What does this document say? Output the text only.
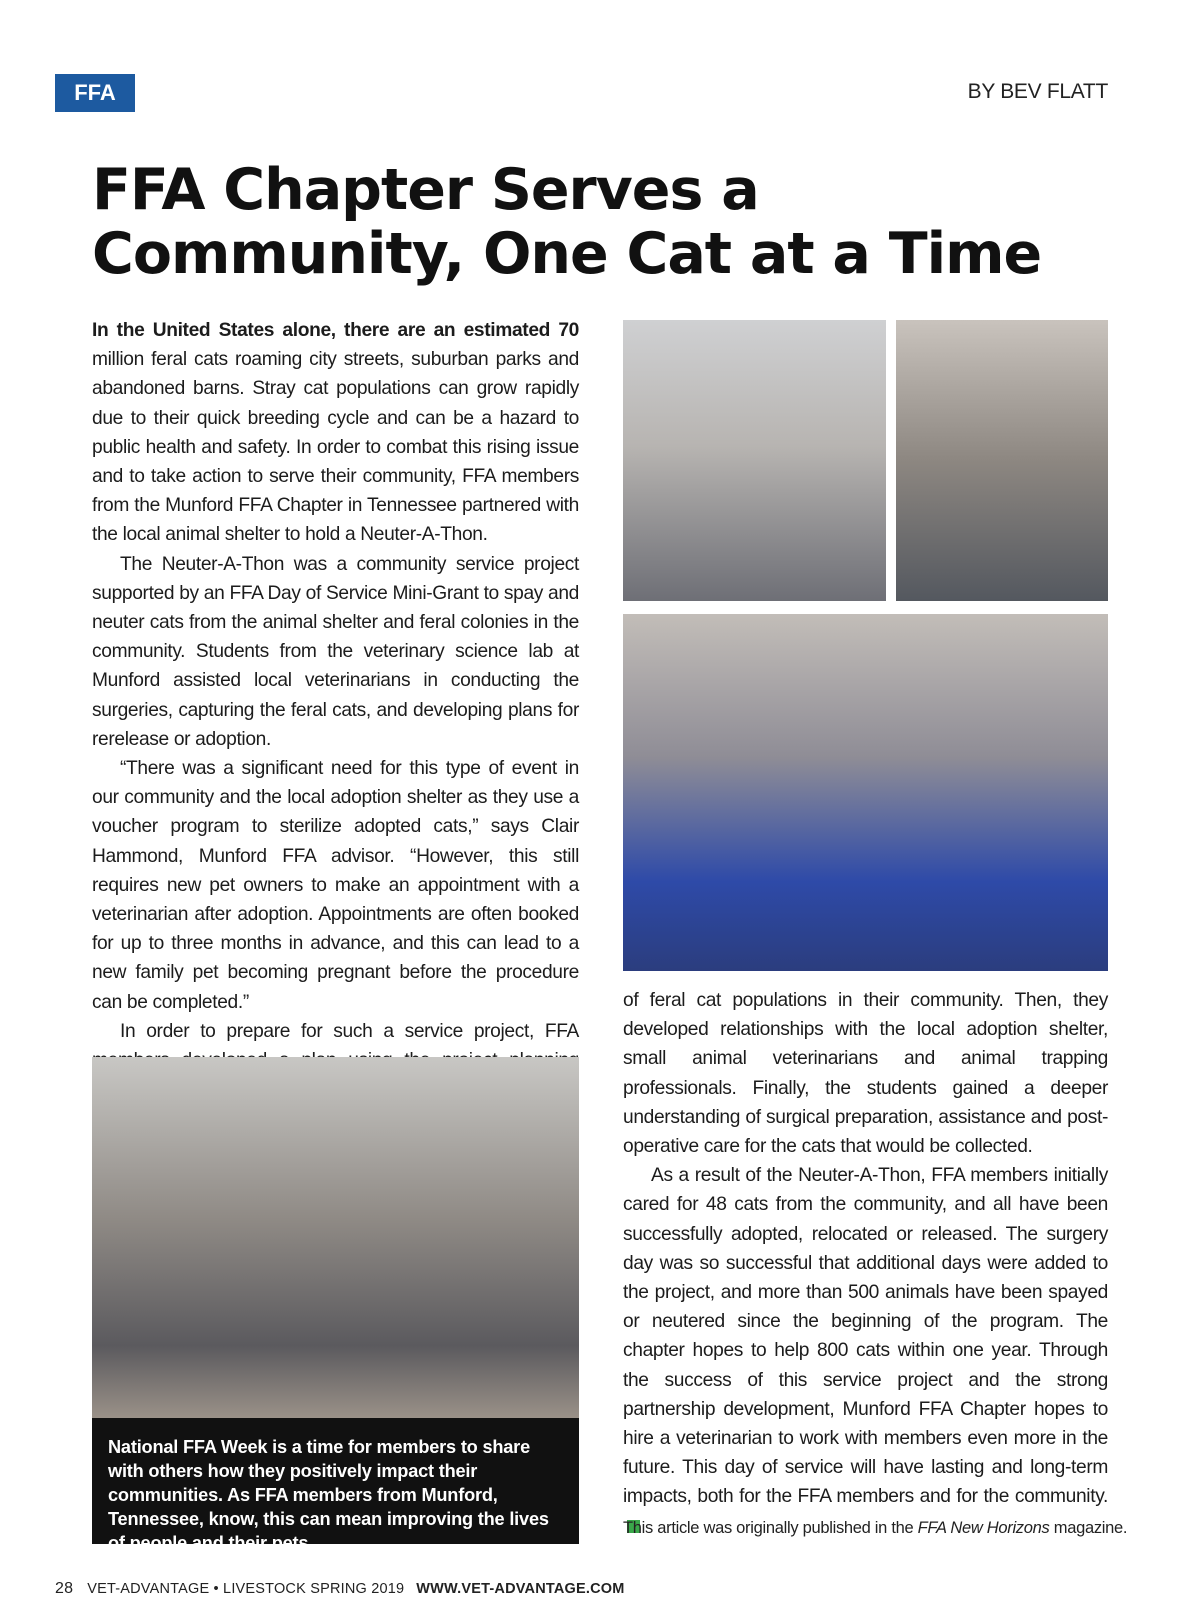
FFA	BY BEV FLATT
FFA Chapter Serves a
Community, One Cat at a Time

In the United States alone, there are an estimated 70 million feral cats roaming city streets, suburban parks and abandoned barns. Stray cat populations can grow rapidly due to their quick breeding cycle and can be a hazard to public health and safety. In order to combat this rising issue and to take action to serve their community, FFA members from the Munford FFA Chapter in Tennessee partnered with the local animal shelter to hold a Neuter-A-Thon.

The Neuter-A-Thon was a community service project supported by an FFA Day of Service Mini-Grant to spay and neuter cats from the animal shelter and feral colonies in the community. Students from the veterinary science lab at Munford assisted local veterinarians in conducting the surgeries, capturing the feral cats, and developing plans for rerelease or adoption.

“There was a significant need for this type of event in our community and the local adoption shelter as they use a voucher program to sterilize adopted cats,” says Clair Hammond, Munford FFA advisor. “However, this still requires new pet owners to make an appointment with a veterinarian after adoption. Appointments are often booked for up to three months in advance, and this can lead to a new family pet becoming pregnant before the procedure can be completed.”

In order to prepare for such a service project, FFA

National FFA Week is a time for members to share with others how they positively impact their communities. As FFA members from Munford, Tennessee, know, this can mean improving the lives of people and their pets.

of feral cat populations in their community. Then, they developed relationships with the local adoption shelter, small animal veterinarians and animal trapping professionals. Finally, the students gained a deeper understanding of surgical preparation, assistance and post-operative care for the cats that would be collected.

As a result of the Neuter-A-Thon, FFA members initially cared for 48 cats from the community, and all have been successfully adopted, relocated or released. The surgery day was so successful that additional days were added to the project, and more than 500 animals have been spayed or neutered since the beginning of the program. The chapter hopes to help 800 cats within one year. Through the success of this service project and the strong partnership development, Munford FFA Chapter hopes to hire a veterinarian to work with members even more in the future. This day of service will have lasting and long-term impacts, both for the FFA members and for the community.

This article was originally published in the FFA New Horizons magazine.
28 VET-ADVANTAGE • LIVESTOCK SPRING 2019 WWW.VET-ADVANTAGE.COM
